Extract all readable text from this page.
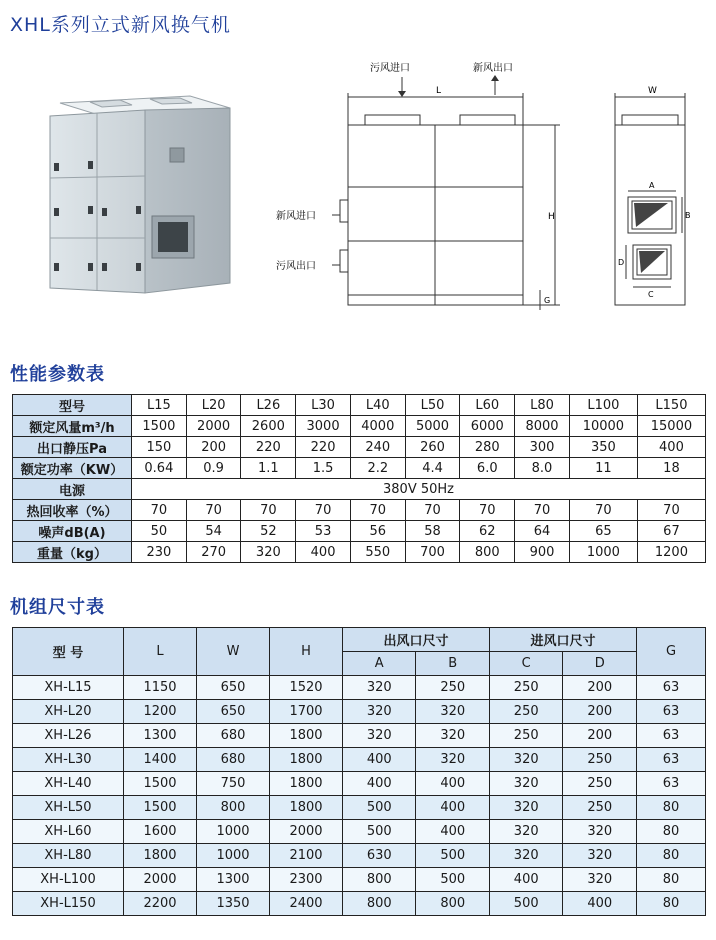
XHL系列立式新风换气机
污风进口	新风出口
新风进口
污风出口
L
H
G
W
A
B
C
D
性能参数表
型号	L15	L20	L26	L30	L40	L50	L60	L80	L100	L150
额定风量m³/h	1500	2000	2600	3000	4000	5000	6000	8000	10000	15000
出口静压Pa	150	200	220	220	240	260	280	300	350	400
额定功率（KW）	0.64	0.9	1.1	1.5	2.2	4.4	6.0	8.0	11	18
电源	380V 50Hz									
热回收率（%）	70	70	70	70	70	70	70	70	70	70
噪声dB(A)	50	54	52	53	56	58	62	64	65	67
重量（kg）	230	270	320	400	550	700	800	900	1000	1200
机组尺寸表
型 号	L	W	H	出风口尺寸		进风口尺寸		G
				A	B	C	D	
XH-L15	1150	650	1520	320	250	250	200	63
XH-L20	1200	650	1700	320	320	250	200	63
XH-L26	1300	680	1800	320	320	250	200	63
XH-L30	1400	680	1800	400	320	320	250	63
XH-L40	1500	750	1800	400	400	320	250	63
XH-L50	1500	800	1800	500	400	320	250	80
XH-L60	1600	1000	2000	500	400	320	320	80
XH-L80	1800	1000	2100	630	500	320	320	80
XH-L100	2000	1300	2300	800	500	400	320	80
XH-L150	2200	1350	2400	800	800	500	400	80
